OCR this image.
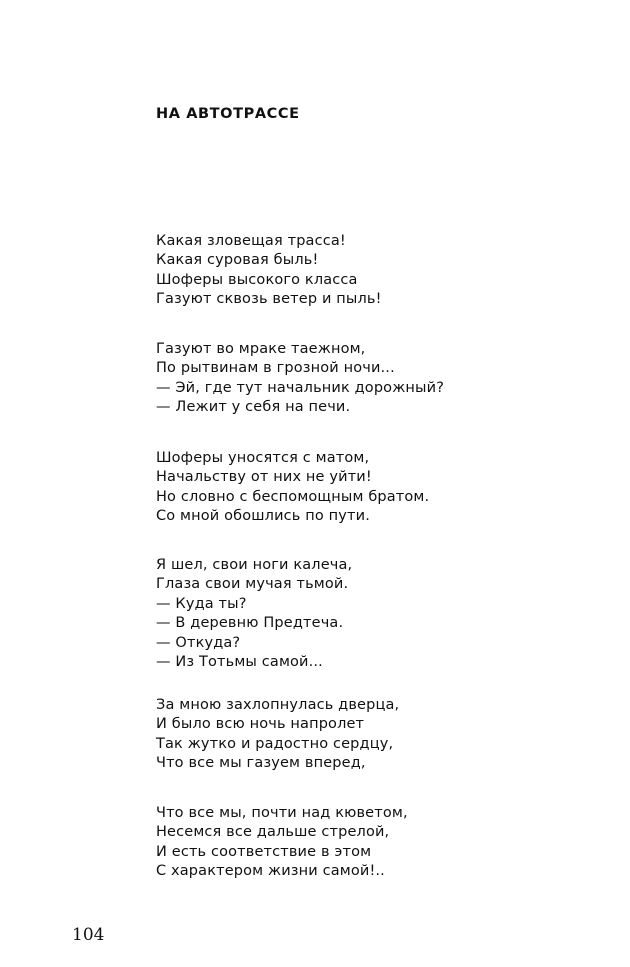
НА АВТОТРАССЕ
Какая зловещая трасса!
Какая суровая быль!
Шоферы высокого класса
Газуют сквозь ветер и пыль!
Газуют во мраке таежном,
По рытвинам в грозной ночи...
— Эй, где тут начальник дорожный?
— Лежит у себя на печи.
Шоферы уносятся с матом,
Начальству от них не уйти!
Но словно с беспомощным братом.
Со мной обошлись по пути.
Я шел, свои ноги калеча,
Глаза свои мучая тьмой.
— Куда ты?
— В деревню Предтеча.
— Откуда?
— Из Тотьмы самой...
За мною захлопнулась дверца,
И было всю ночь напролет
Так жутко и радостно сердцу,
Что все мы газуем вперед,
Что все мы, почти над кюветом,
Несемся все дальше стрелой,
И есть соответствие в этом
С характером жизни самой!..
104
